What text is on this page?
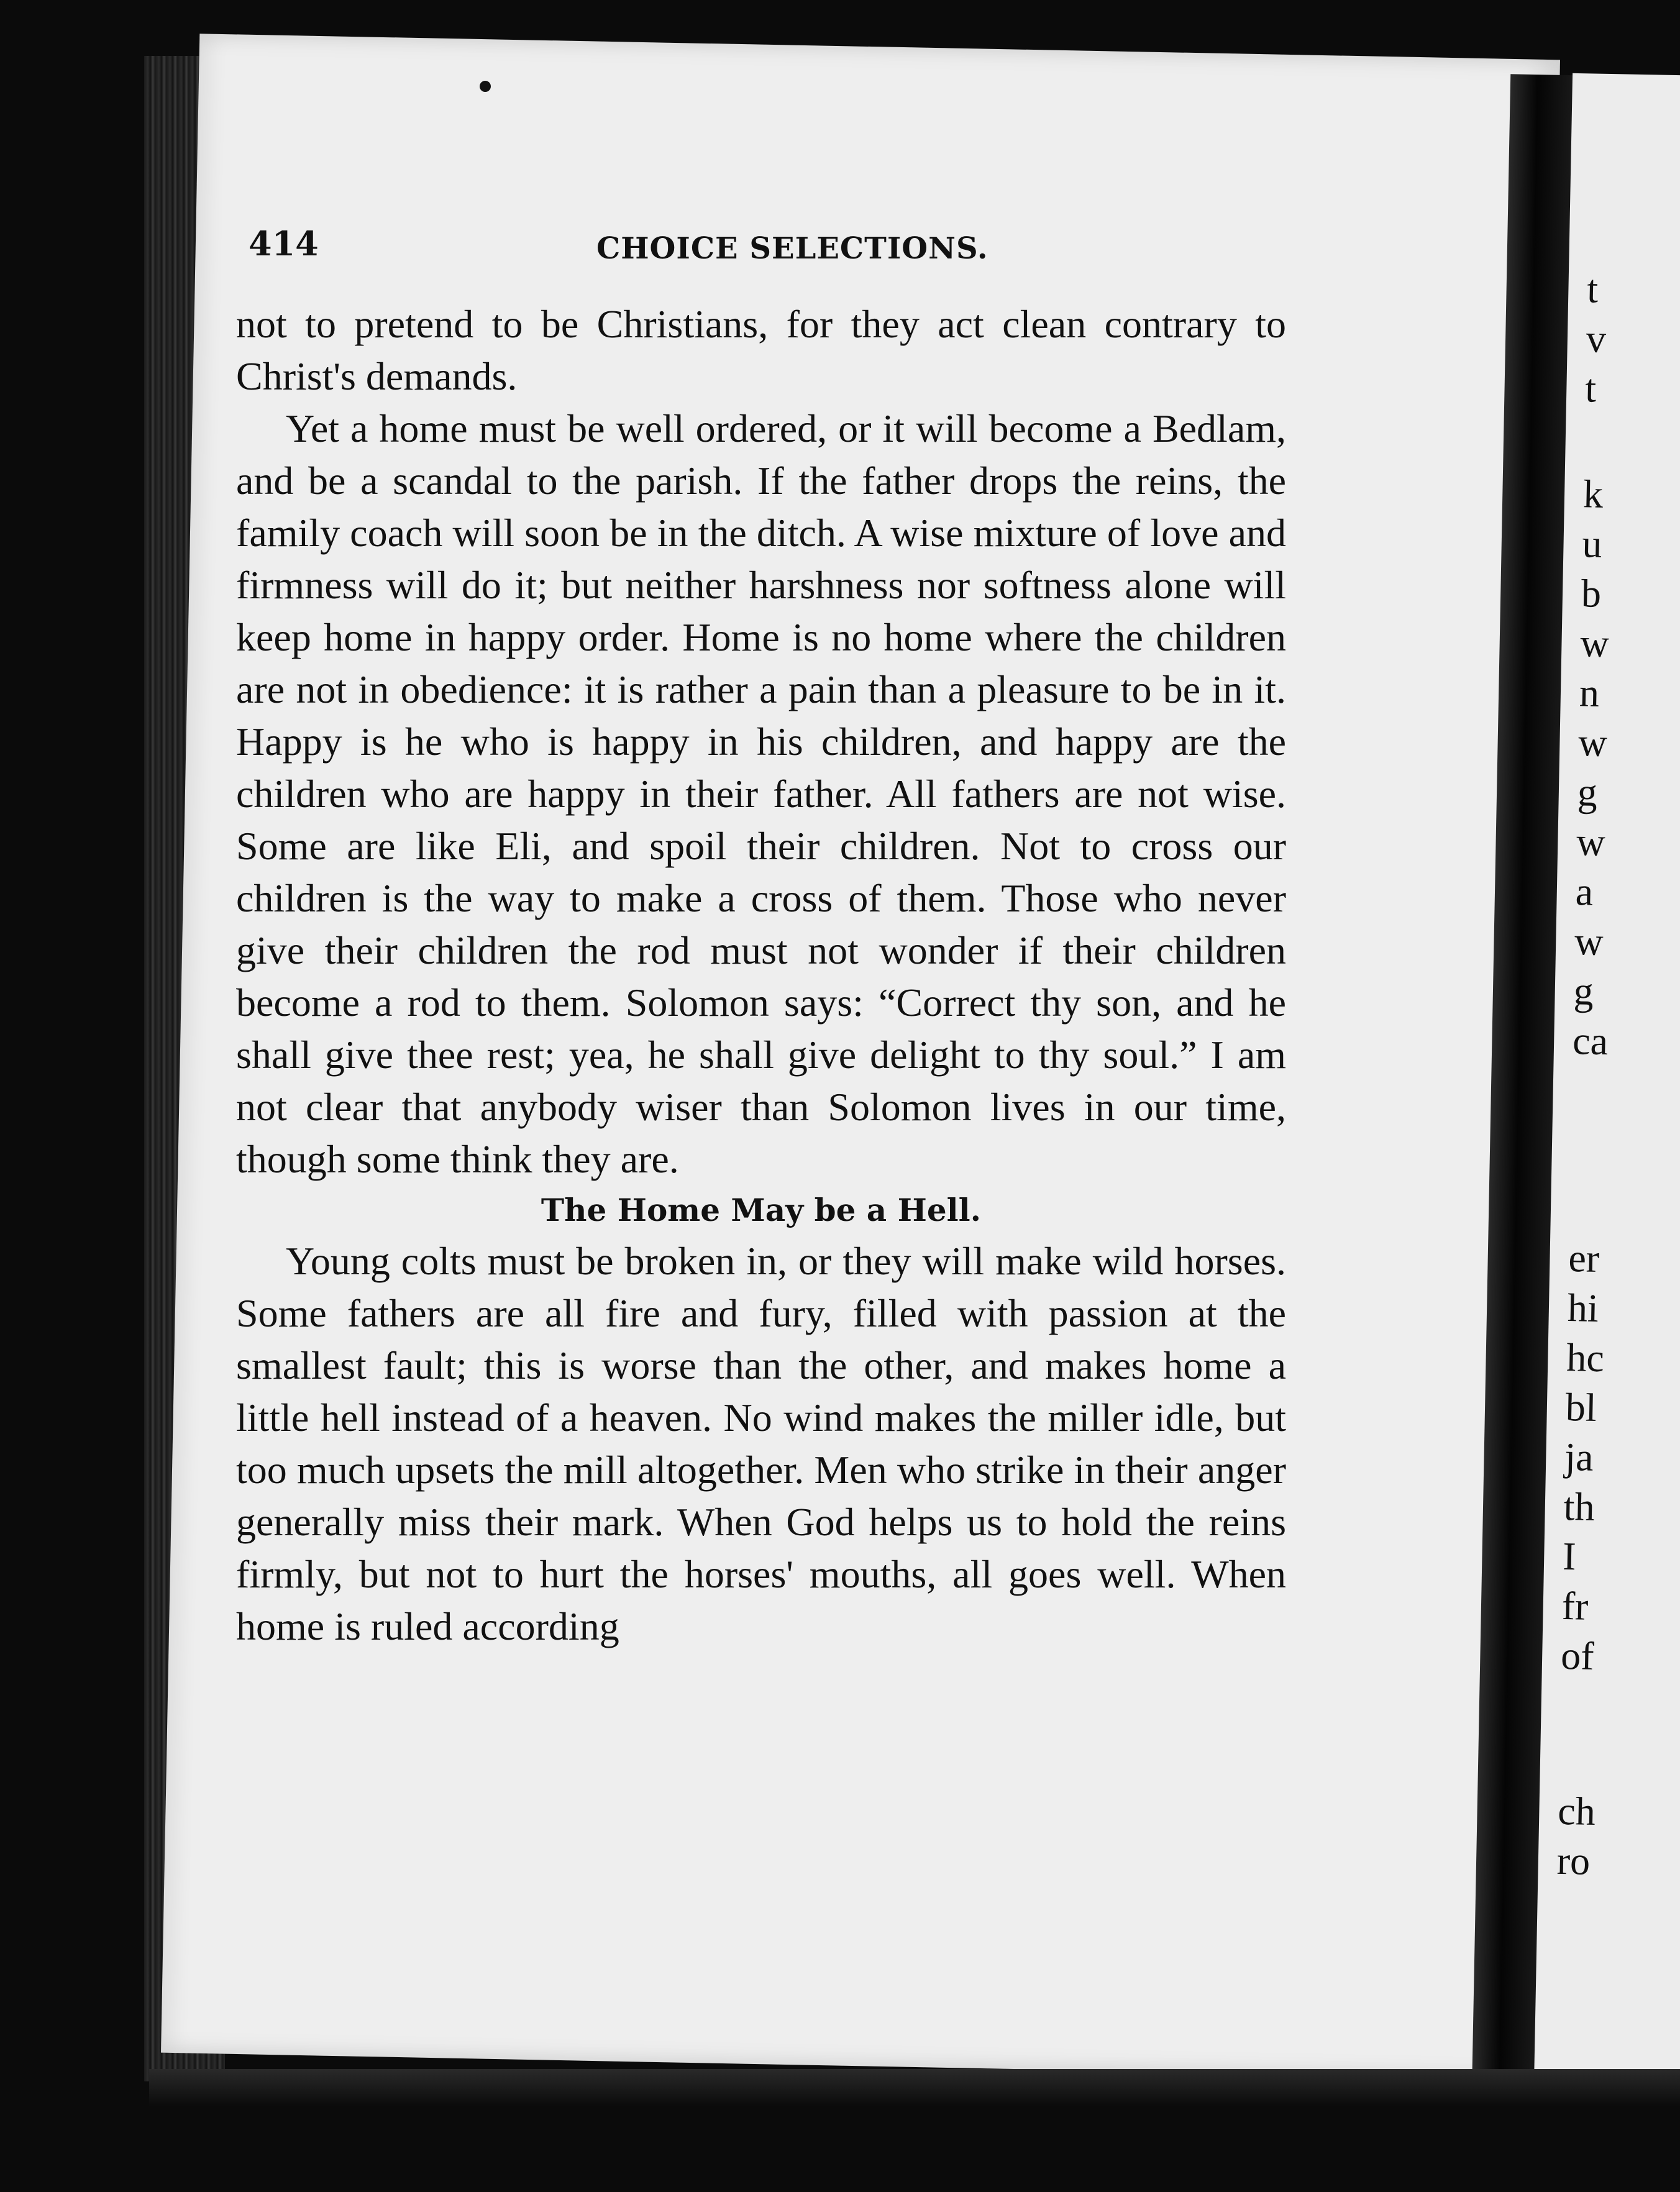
t
v
t
k
u
b
w
n
w
g
w
a
w
g
ca
er
hi
hc
bl
ja
th
I
fr
of
ch
ro
414	CHOICE SELECTIONS.

not to pretend to be Christians, for they act clean contrary to Christ's demands.

Yet a home must be well ordered, or it will become a Bedlam, and be a scandal to the parish. If the father drops the reins, the family coach will soon be in the ditch. A wise mixture of love and firmness will do it; but neither harshness nor softness alone will keep home in happy order. Home is no home where the children are not in obedience: it is rather a pain than a pleasure to be in it. Happy is he who is happy in his children, and happy are the children who are happy in their father. All fathers are not wise. Some are like Eli, and spoil their children. Not to cross our children is the way to make a cross of them. Those who never give their children the rod must not wonder if their children become a rod to them. Solomon says: “Correct thy son, and he shall give thee rest; yea, he shall give delight to thy soul.” I am not clear that anybody wiser than Solomon lives in our time, though some think they are.

The Home May be a Hell.

Young colts must be broken in, or they will make wild horses. Some fathers are all fire and fury, filled with passion at the smallest fault; this is worse than the other, and makes home a little hell instead of a heaven. No wind makes the miller idle, but too much upsets the mill altogether. Men who strike in their anger generally miss their mark. When God helps us to hold the reins firmly, but not to hurt the horses' mouths, all goes well. When home is ruled according
